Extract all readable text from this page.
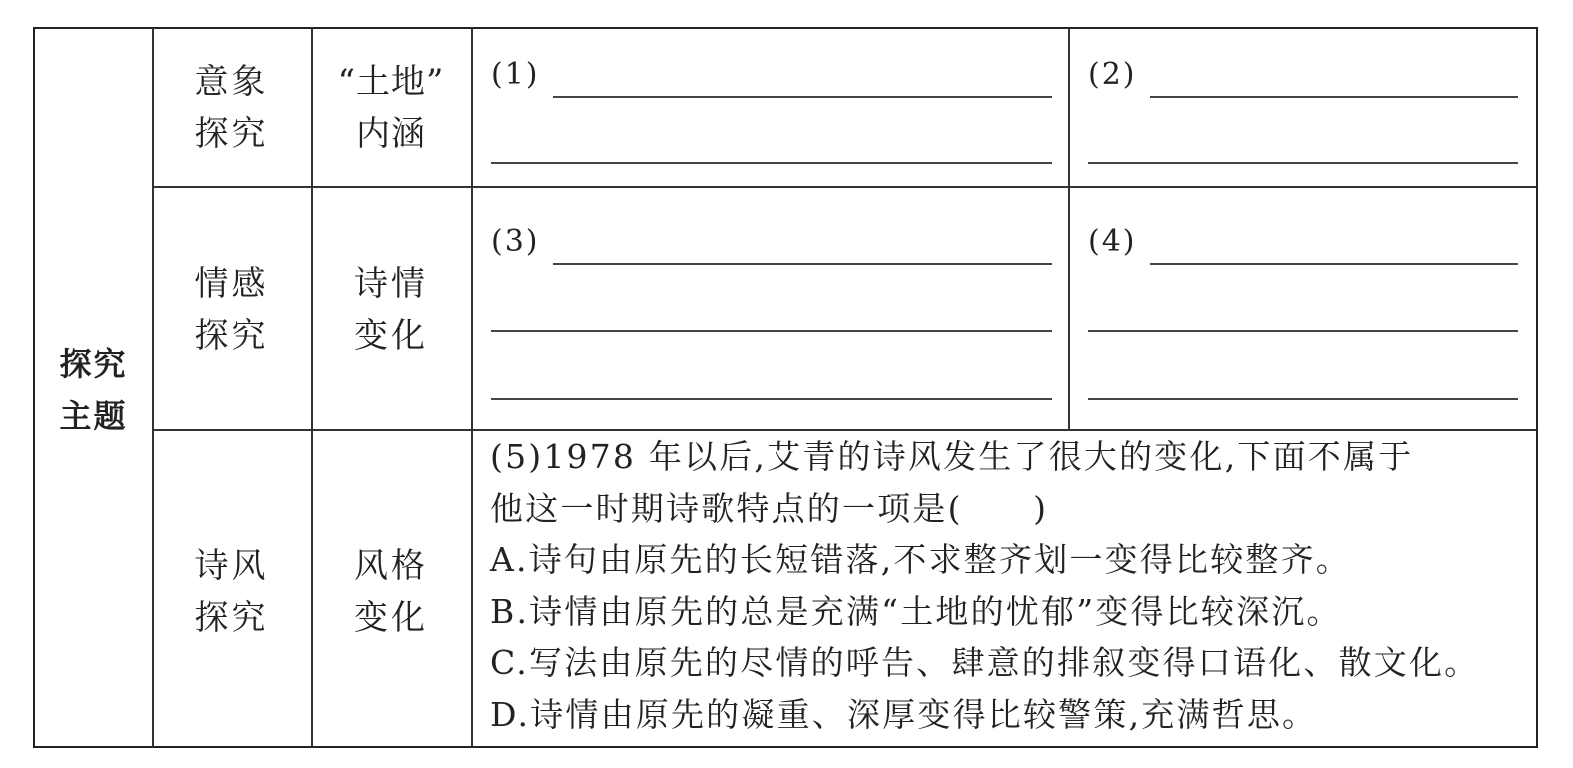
探究
主题
意象
探究
“土地”
内涵
(1)	(2)
情感
探究
诗情
变化
(3)	(4)
诗风
探究
风格
变化
(5)1978 年以后,艾青的诗风发生了很大的变化,下面不属于
他这一时期诗歌特点的一项是(　　)
A.诗句由原先的长短错落,不求整齐划一变得比较整齐。
B.诗情由原先的总是充满“土地的忧郁”变得比较深沉。
C.写法由原先的尽情的呼告、肆意的排叙变得口语化、散文化。
D.诗情由原先的凝重、深厚变得比较警策,充满哲思。
